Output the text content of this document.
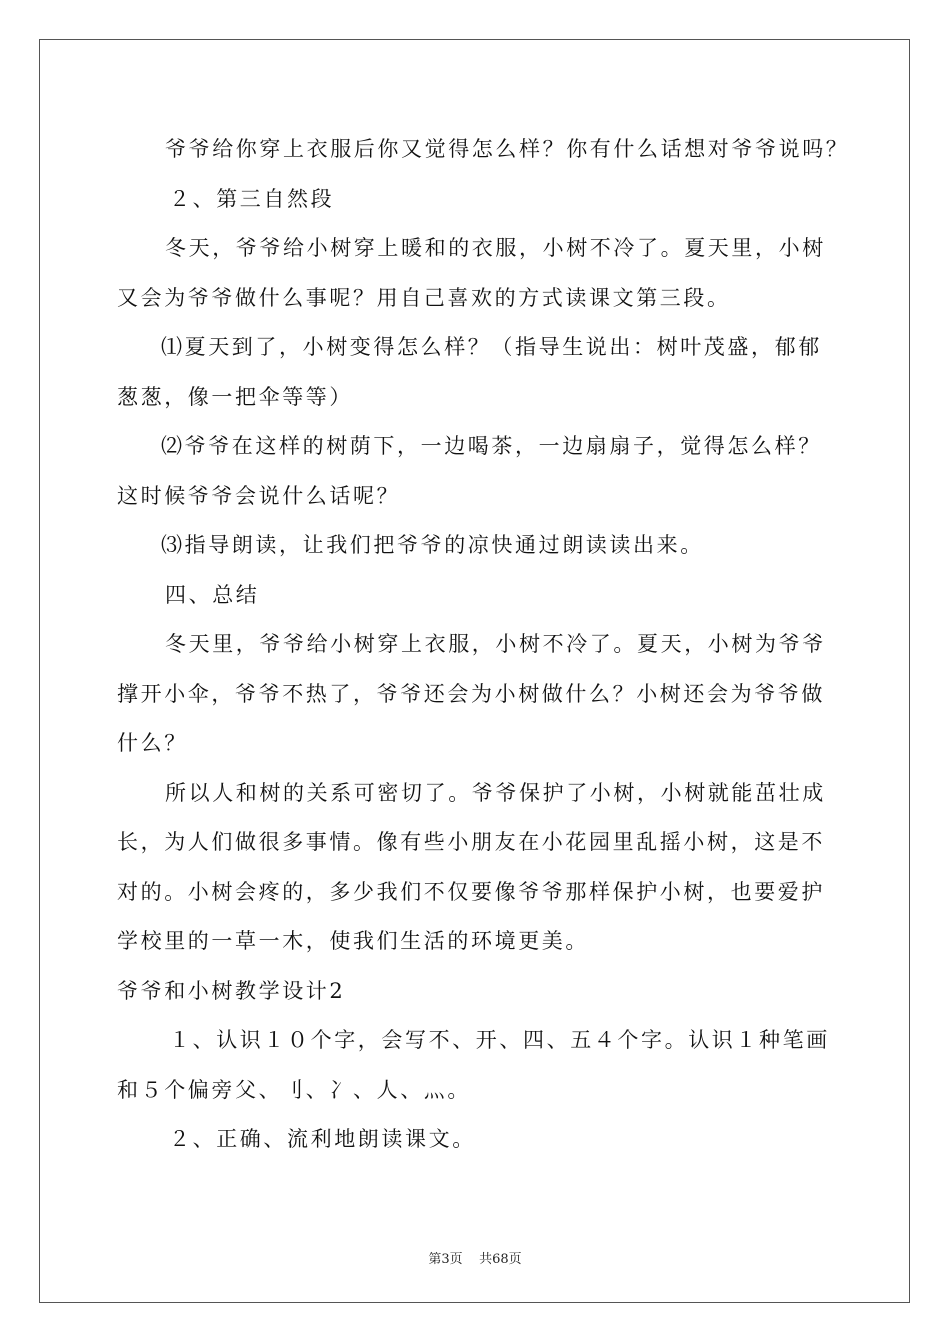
爷爷给你穿上衣服后你又觉得怎么样？你有什么话想对爷爷说吗？
２、第三自然段
冬天，爷爷给小树穿上暖和的衣服，小树不冷了。夏天里，小树
又会为爷爷做什么事呢？用自己喜欢的方式读课文第三段。
⑴夏天到了，小树变得怎么样？（指导生说出：树叶茂盛，郁郁
葱葱，像一把伞等等）
⑵爷爷在这样的树荫下，一边喝茶，一边扇扇子，觉得怎么样？
这时候爷爷会说什么话呢？
⑶指导朗读，让我们把爷爷的凉快通过朗读读出来。
四、总结
冬天里，爷爷给小树穿上衣服，小树不冷了。夏天，小树为爷爷
撑开小伞，爷爷不热了，爷爷还会为小树做什么？小树还会为爷爷做
什么？
所以人和树的关系可密切了。爷爷保护了小树，小树就能茁壮成
长，为人们做很多事情。像有些小朋友在小花园里乱摇小树，这是不
对的。小树会疼的，多少我们不仅要像爷爷那样保护小树，也要爱护
学校里的一草一木，使我们生活的环境更美。
爷爷和小树教学设计2
１、认识１０个字，会写不、开、四、五４个字。认识１种笔画
和５个偏旁父、刂、冫、人、灬。
２、正确、流利地朗读课文。
第3页 共68页
